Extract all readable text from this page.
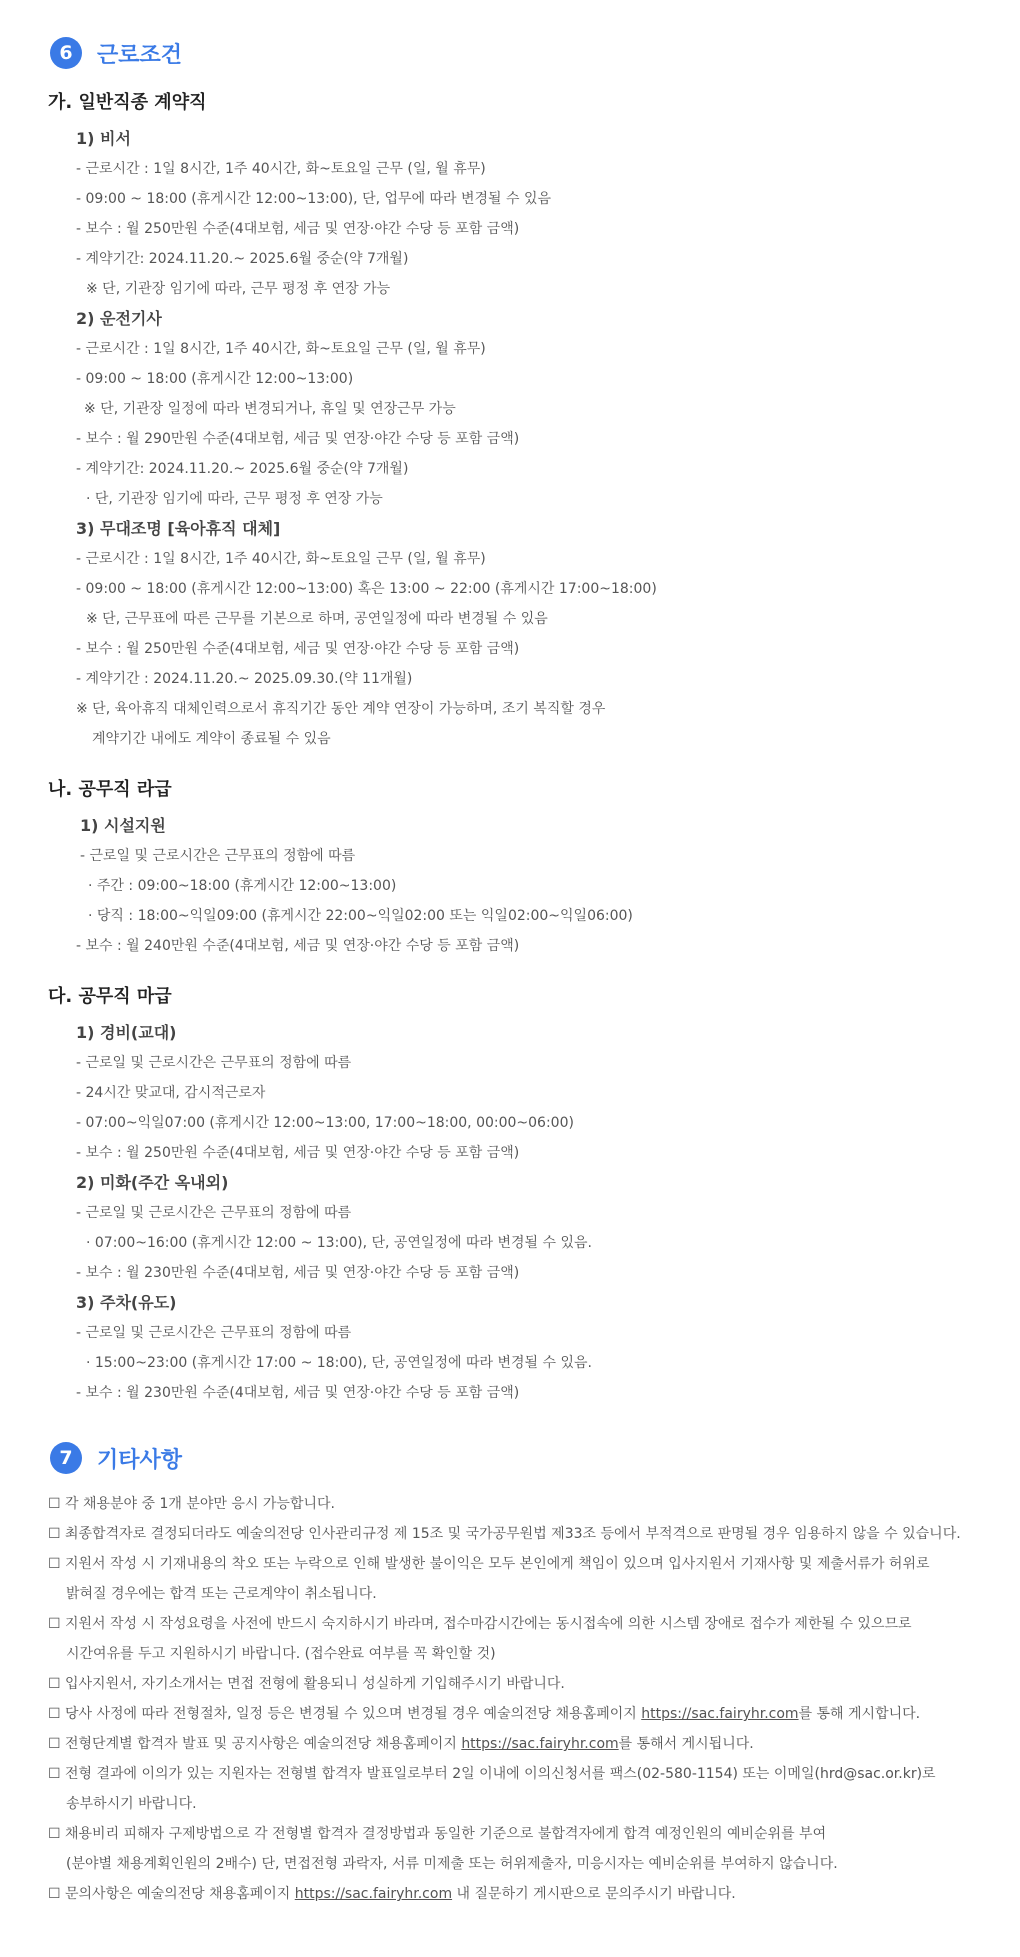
6	근로조건
가. 일반직종 계약직
1) 비서
- 근로시간 : 1일 8시간, 1주 40시간, 화~토요일 근무 (일, 월 휴무)
- 09:00 ~ 18:00 (휴게시간 12:00~13:00), 단, 업무에 따라 변경될 수 있음
- 보수 : 월 250만원 수준(4대보험, 세금 및 연장·야간 수당 등 포함 금액)
- 계약기간: 2024.11.20.~ 2025.6월 중순(약 7개월)
※ 단, 기관장 임기에 따라, 근무 평정 후 연장 가능
2) 운전기사
- 근로시간 : 1일 8시간, 1주 40시간, 화~토요일 근무 (일, 월 휴무)
- 09:00 ~ 18:00 (휴게시간 12:00~13:00)
※ 단, 기관장 일정에 따라 변경되거나, 휴일 및 연장근무 가능
- 보수 : 월 290만원 수준(4대보험, 세금 및 연장·야간 수당 등 포함 금액)
- 계약기간: 2024.11.20.~ 2025.6월 중순(약 7개월)
· 단, 기관장 임기에 따라, 근무 평정 후 연장 가능
3) 무대조명 [육아휴직 대체]
- 근로시간 : 1일 8시간, 1주 40시간, 화~토요일 근무 (일, 월 휴무)
- 09:00 ~ 18:00 (휴게시간 12:00~13:00) 혹은 13:00 ~ 22:00 (휴게시간 17:00~18:00)
※ 단, 근무표에 따른 근무를 기본으로 하며, 공연일정에 따라 변경될 수 있음
- 보수 : 월 250만원 수준(4대보험, 세금 및 연장·야간 수당 등 포함 금액)
- 계약기간 : 2024.11.20.~ 2025.09.30.(약 11개월)
※ 단, 육아휴직 대체인력으로서 휴직기간 동안 계약 연장이 가능하며, 조기 복직할 경우
계약기간 내에도 계약이 종료될 수 있음
나. 공무직 라급
1) 시설지원
- 근로일 및 근로시간은 근무표의 정함에 따름
· 주간 : 09:00~18:00 (휴게시간 12:00~13:00)
· 당직 : 18:00~익일09:00 (휴게시간 22:00~익일02:00 또는 익일02:00~익일06:00)
- 보수 : 월 240만원 수준(4대보험, 세금 및 연장·야간 수당 등 포함 금액)
다. 공무직 마급
1) 경비(교대)
- 근로일 및 근로시간은 근무표의 정함에 따름
- 24시간 맞교대, 감시적근로자
- 07:00~익일07:00 (휴게시간 12:00~13:00, 17:00~18:00, 00:00~06:00)
- 보수 : 월 250만원 수준(4대보험, 세금 및 연장·야간 수당 등 포함 금액)
2) 미화(주간 옥내외)
- 근로일 및 근로시간은 근무표의 정함에 따름
· 07:00~16:00 (휴게시간 12:00 ~ 13:00), 단, 공연일정에 따라 변경될 수 있음.
- 보수 : 월 230만원 수준(4대보험, 세금 및 연장·야간 수당 등 포함 금액)
3) 주차(유도)
- 근로일 및 근로시간은 근무표의 정함에 따름
· 15:00~23:00 (휴게시간 17:00 ~ 18:00), 단, 공연일정에 따라 변경될 수 있음.
- 보수 : 월 230만원 수준(4대보험, 세금 및 연장·야간 수당 등 포함 금액)
7	기타사항
☐ 각 채용분야 중 1개 분야만 응시 가능합니다.
☐ 최종합격자로 결정되더라도 예술의전당 인사관리규정 제 15조 및 국가공무원법 제33조 등에서 부적격으로 판명될 경우 임용하지 않을 수 있습니다.
☐ 지원서 작성 시 기재내용의 착오 또는 누락으로 인해 발생한 불이익은 모두 본인에게 책임이 있으며 입사지원서 기재사항 및 제출서류가 허위로
밝혀질 경우에는 합격 또는 근로계약이 취소됩니다.
☐ 지원서 작성 시 작성요령을 사전에 반드시 숙지하시기 바라며, 접수마감시간에는 동시접속에 의한 시스템 장애로 접수가 제한될 수 있으므로
시간여유를 두고 지원하시기 바랍니다. (접수완료 여부를 꼭 확인할 것)
☐ 입사지원서, 자기소개서는 면접 전형에 활용되니 성실하게 기입해주시기 바랍니다.
☐ 당사 사정에 따라 전형절차, 일정 등은 변경될 수 있으며 변경될 경우 예술의전당 채용홈페이지 https://sac.fairyhr.com를 통해 게시합니다.
☐ 전형단계별 합격자 발표 및 공지사항은 예술의전당 채용홈페이지 https://sac.fairyhr.com를 통해서 게시됩니다.
☐ 전형 결과에 이의가 있는 지원자는 전형별 합격자 발표일로부터 2일 이내에 이의신청서를 팩스(02-580-1154) 또는 이메일(hrd@sac.or.kr)로
송부하시기 바랍니다.
☐ 채용비리 피해자 구제방법으로 각 전형별 합격자 결정방법과 동일한 기준으로 불합격자에게 합격 예정인원의 예비순위를 부여
(분야별 채용계획인원의 2배수) 단, 면접전형 과락자, 서류 미제출 또는 허위제출자, 미응시자는 예비순위를 부여하지 않습니다.
☐ 문의사항은 예술의전당 채용홈페이지 https://sac.fairyhr.com 내 질문하기 게시판으로 문의주시기 바랍니다.
